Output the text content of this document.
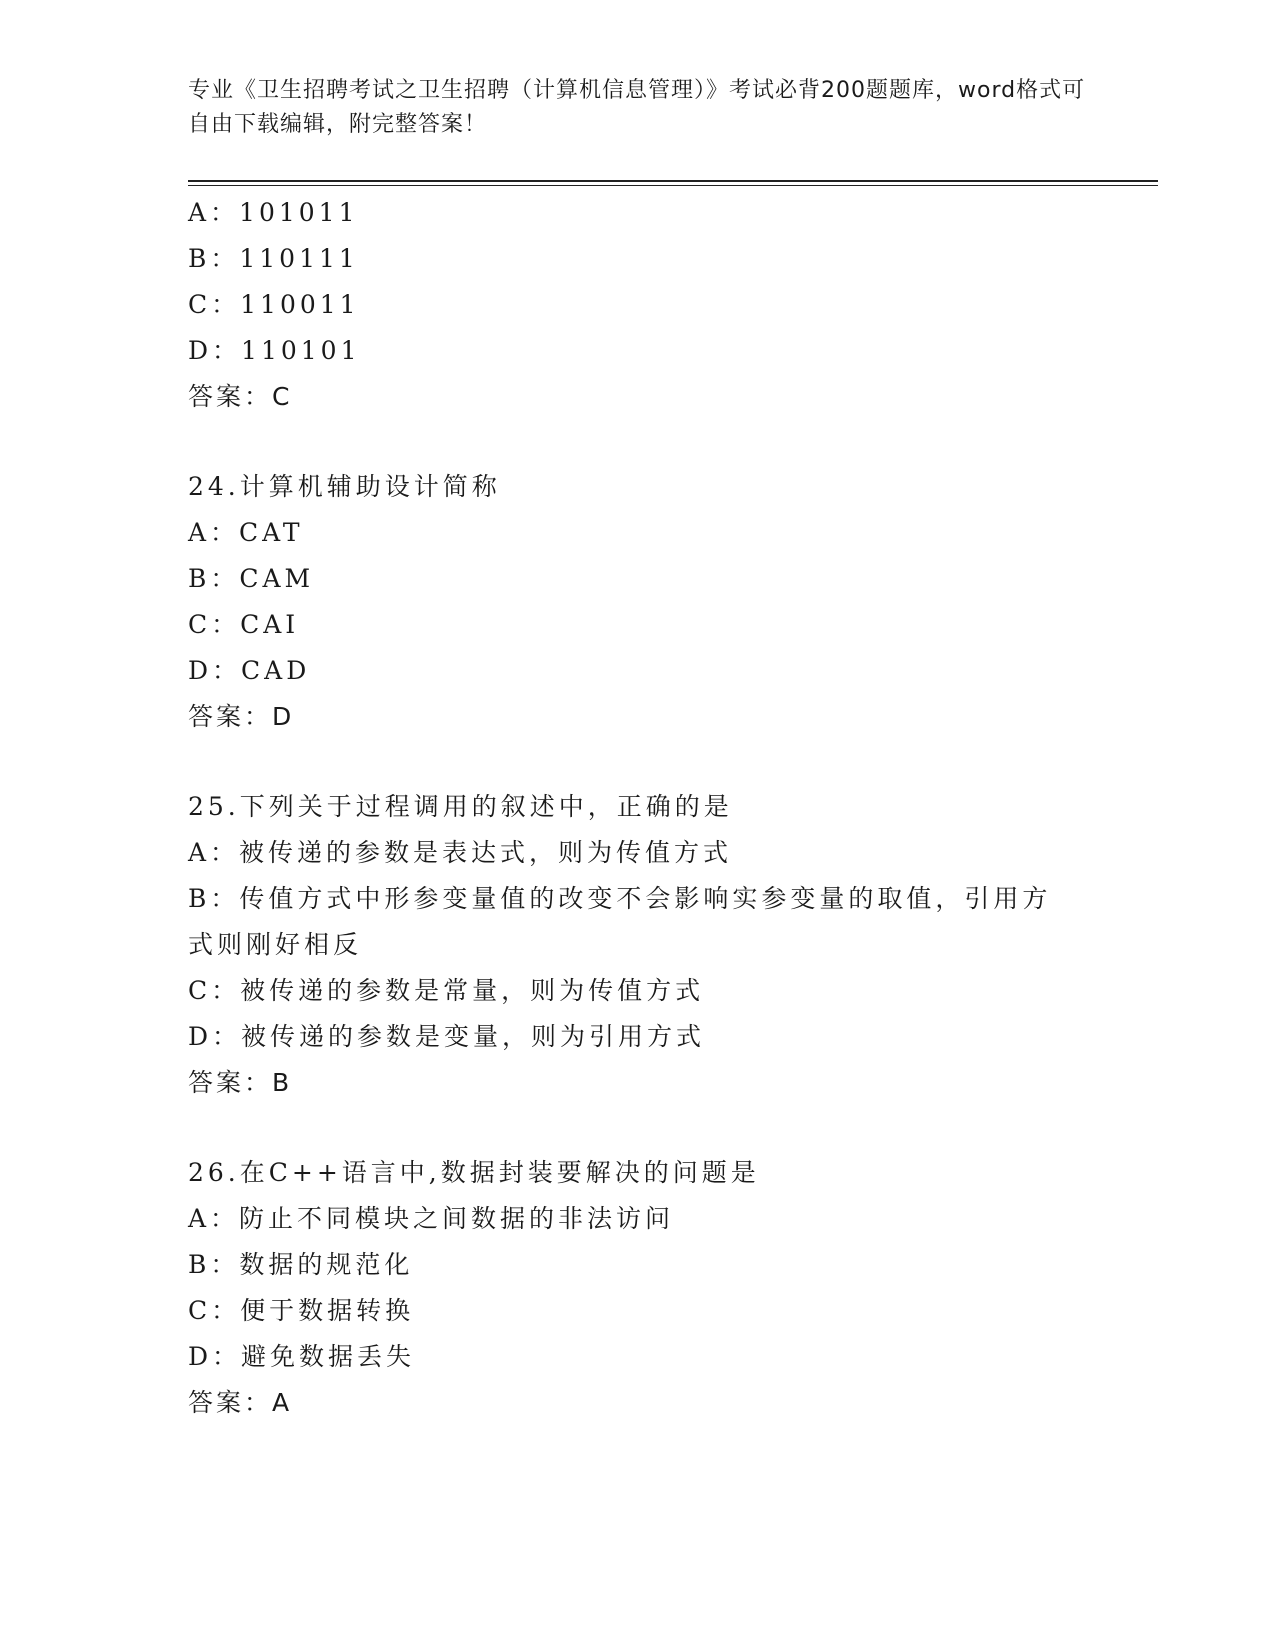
专业《卫生招聘考试之卫生招聘（计算机信息管理）》考试必背200题题库，word格式可自由下载编辑，附完整答案！
A：101011
B：110111
C：110011
D：110101
答案：C
24.计算机辅助设计简称
A：CAT
B：CAM
C：CAI
D：CAD
答案：D
25.下列关于过程调用的叙述中，正确的是
A：被传递的参数是表达式，则为传值方式
B：传值方式中形参变量值的改变不会影响实参变量的取值，引用方式则刚好相反
C：被传递的参数是常量，则为传值方式
D：被传递的参数是变量，则为引用方式
答案：B
26.在C++语言中,数据封装要解决的问题是
A：防止不同模块之间数据的非法访问
B：数据的规范化
C：便于数据转换
D：避免数据丢失
答案：A
